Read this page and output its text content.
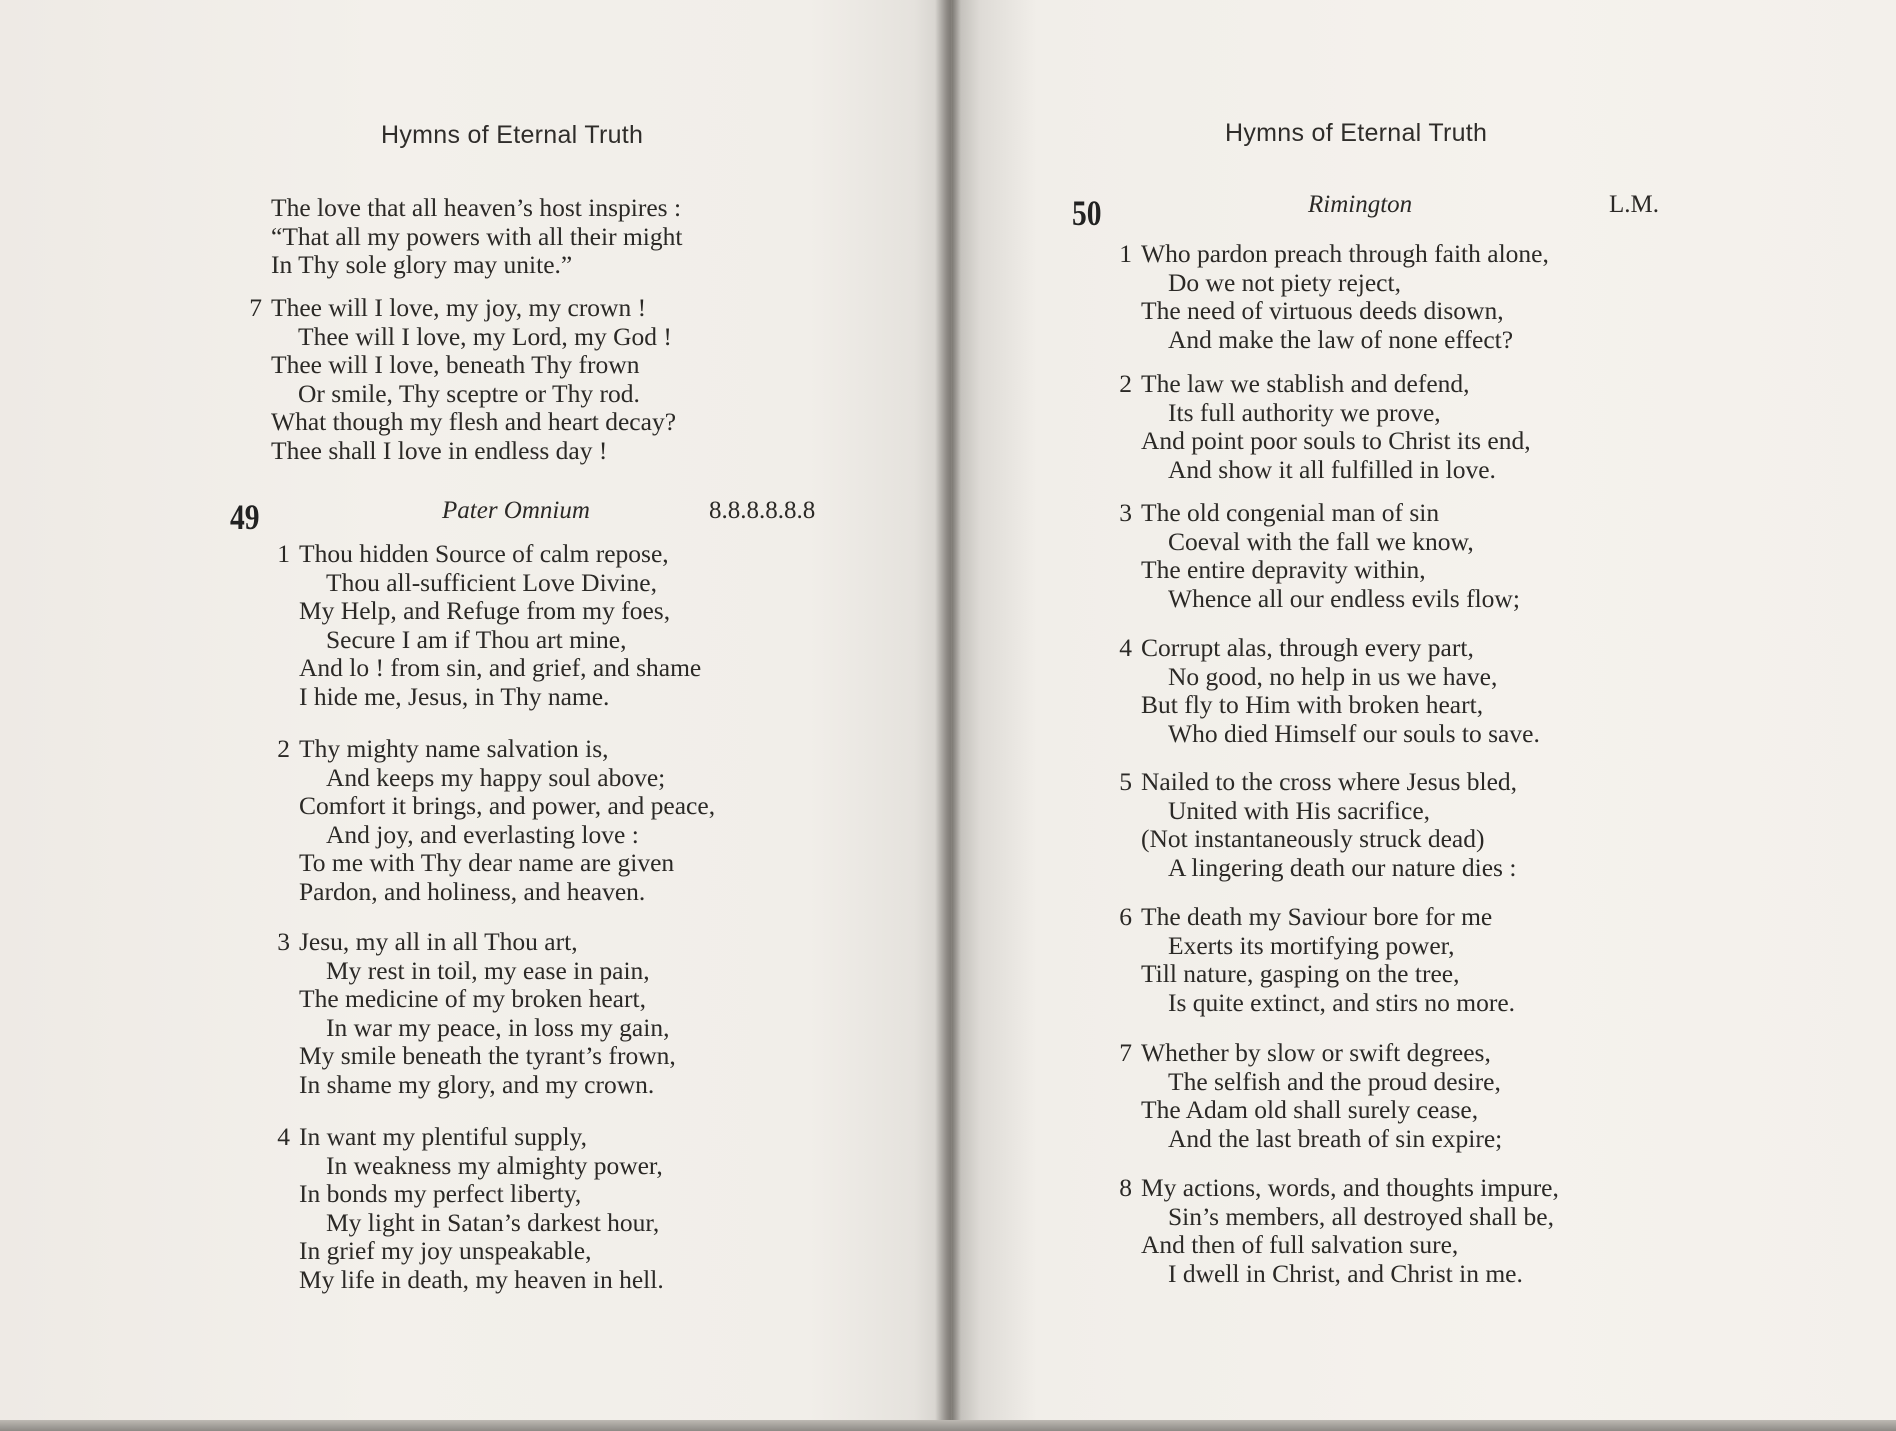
Hymns of Eternal Truth
The love that all heaven’s host inspires :
“That all my powers with all their might
In Thy sole glory may unite.”
7 Thee will I love, my joy, my crown !
Thee will I love, my Lord, my God !
Thee will I love, beneath Thy frown
Or smile, Thy sceptre or Thy rod.
What though my flesh and heart decay?
Thee shall I love in endless day !
49	Pater Omnium	8.8.8.8.8.8
1 Thou hidden Source of calm repose,
Thou all-sufficient Love Divine,
My Help, and Refuge from my foes,
Secure I am if Thou art mine,
And lo ! from sin, and grief, and shame
I hide me, Jesus, in Thy name.
2 Thy mighty name salvation is,
And keeps my happy soul above;
Comfort it brings, and power, and peace,
And joy, and everlasting love :
To me with Thy dear name are given
Pardon, and holiness, and heaven.
3 Jesu, my all in all Thou art,
My rest in toil, my ease in pain,
The medicine of my broken heart,
In war my peace, in loss my gain,
My smile beneath the tyrant’s frown,
In shame my glory, and my crown.
4 In want my plentiful supply,
In weakness my almighty power,
In bonds my perfect liberty,
My light in Satan’s darkest hour,
In grief my joy unspeakable,
My life in death, my heaven in hell.
Hymns of Eternal Truth
50	Rimington	L.M.
1 Who pardon preach through faith alone,
Do we not piety reject,
The need of virtuous deeds disown,
And make the law of none effect?
2 The law we stablish and defend,
Its full authority we prove,
And point poor souls to Christ its end,
And show it all fulfilled in love.
3 The old congenial man of sin
Coeval with the fall we know,
The entire depravity within,
Whence all our endless evils flow;
4 Corrupt alas, through every part,
No good, no help in us we have,
But fly to Him with broken heart,
Who died Himself our souls to save.
5 Nailed to the cross where Jesus bled,
United with His sacrifice,
(Not instantaneously struck dead)
A lingering death our nature dies :
6 The death my Saviour bore for me
Exerts its mortifying power,
Till nature, gasping on the tree,
Is quite extinct, and stirs no more.
7 Whether by slow or swift degrees,
The selfish and the proud desire,
The Adam old shall surely cease,
And the last breath of sin expire;
8 My actions, words, and thoughts impure,
Sin’s members, all destroyed shall be,
And then of full salvation sure,
I dwell in Christ, and Christ in me.
